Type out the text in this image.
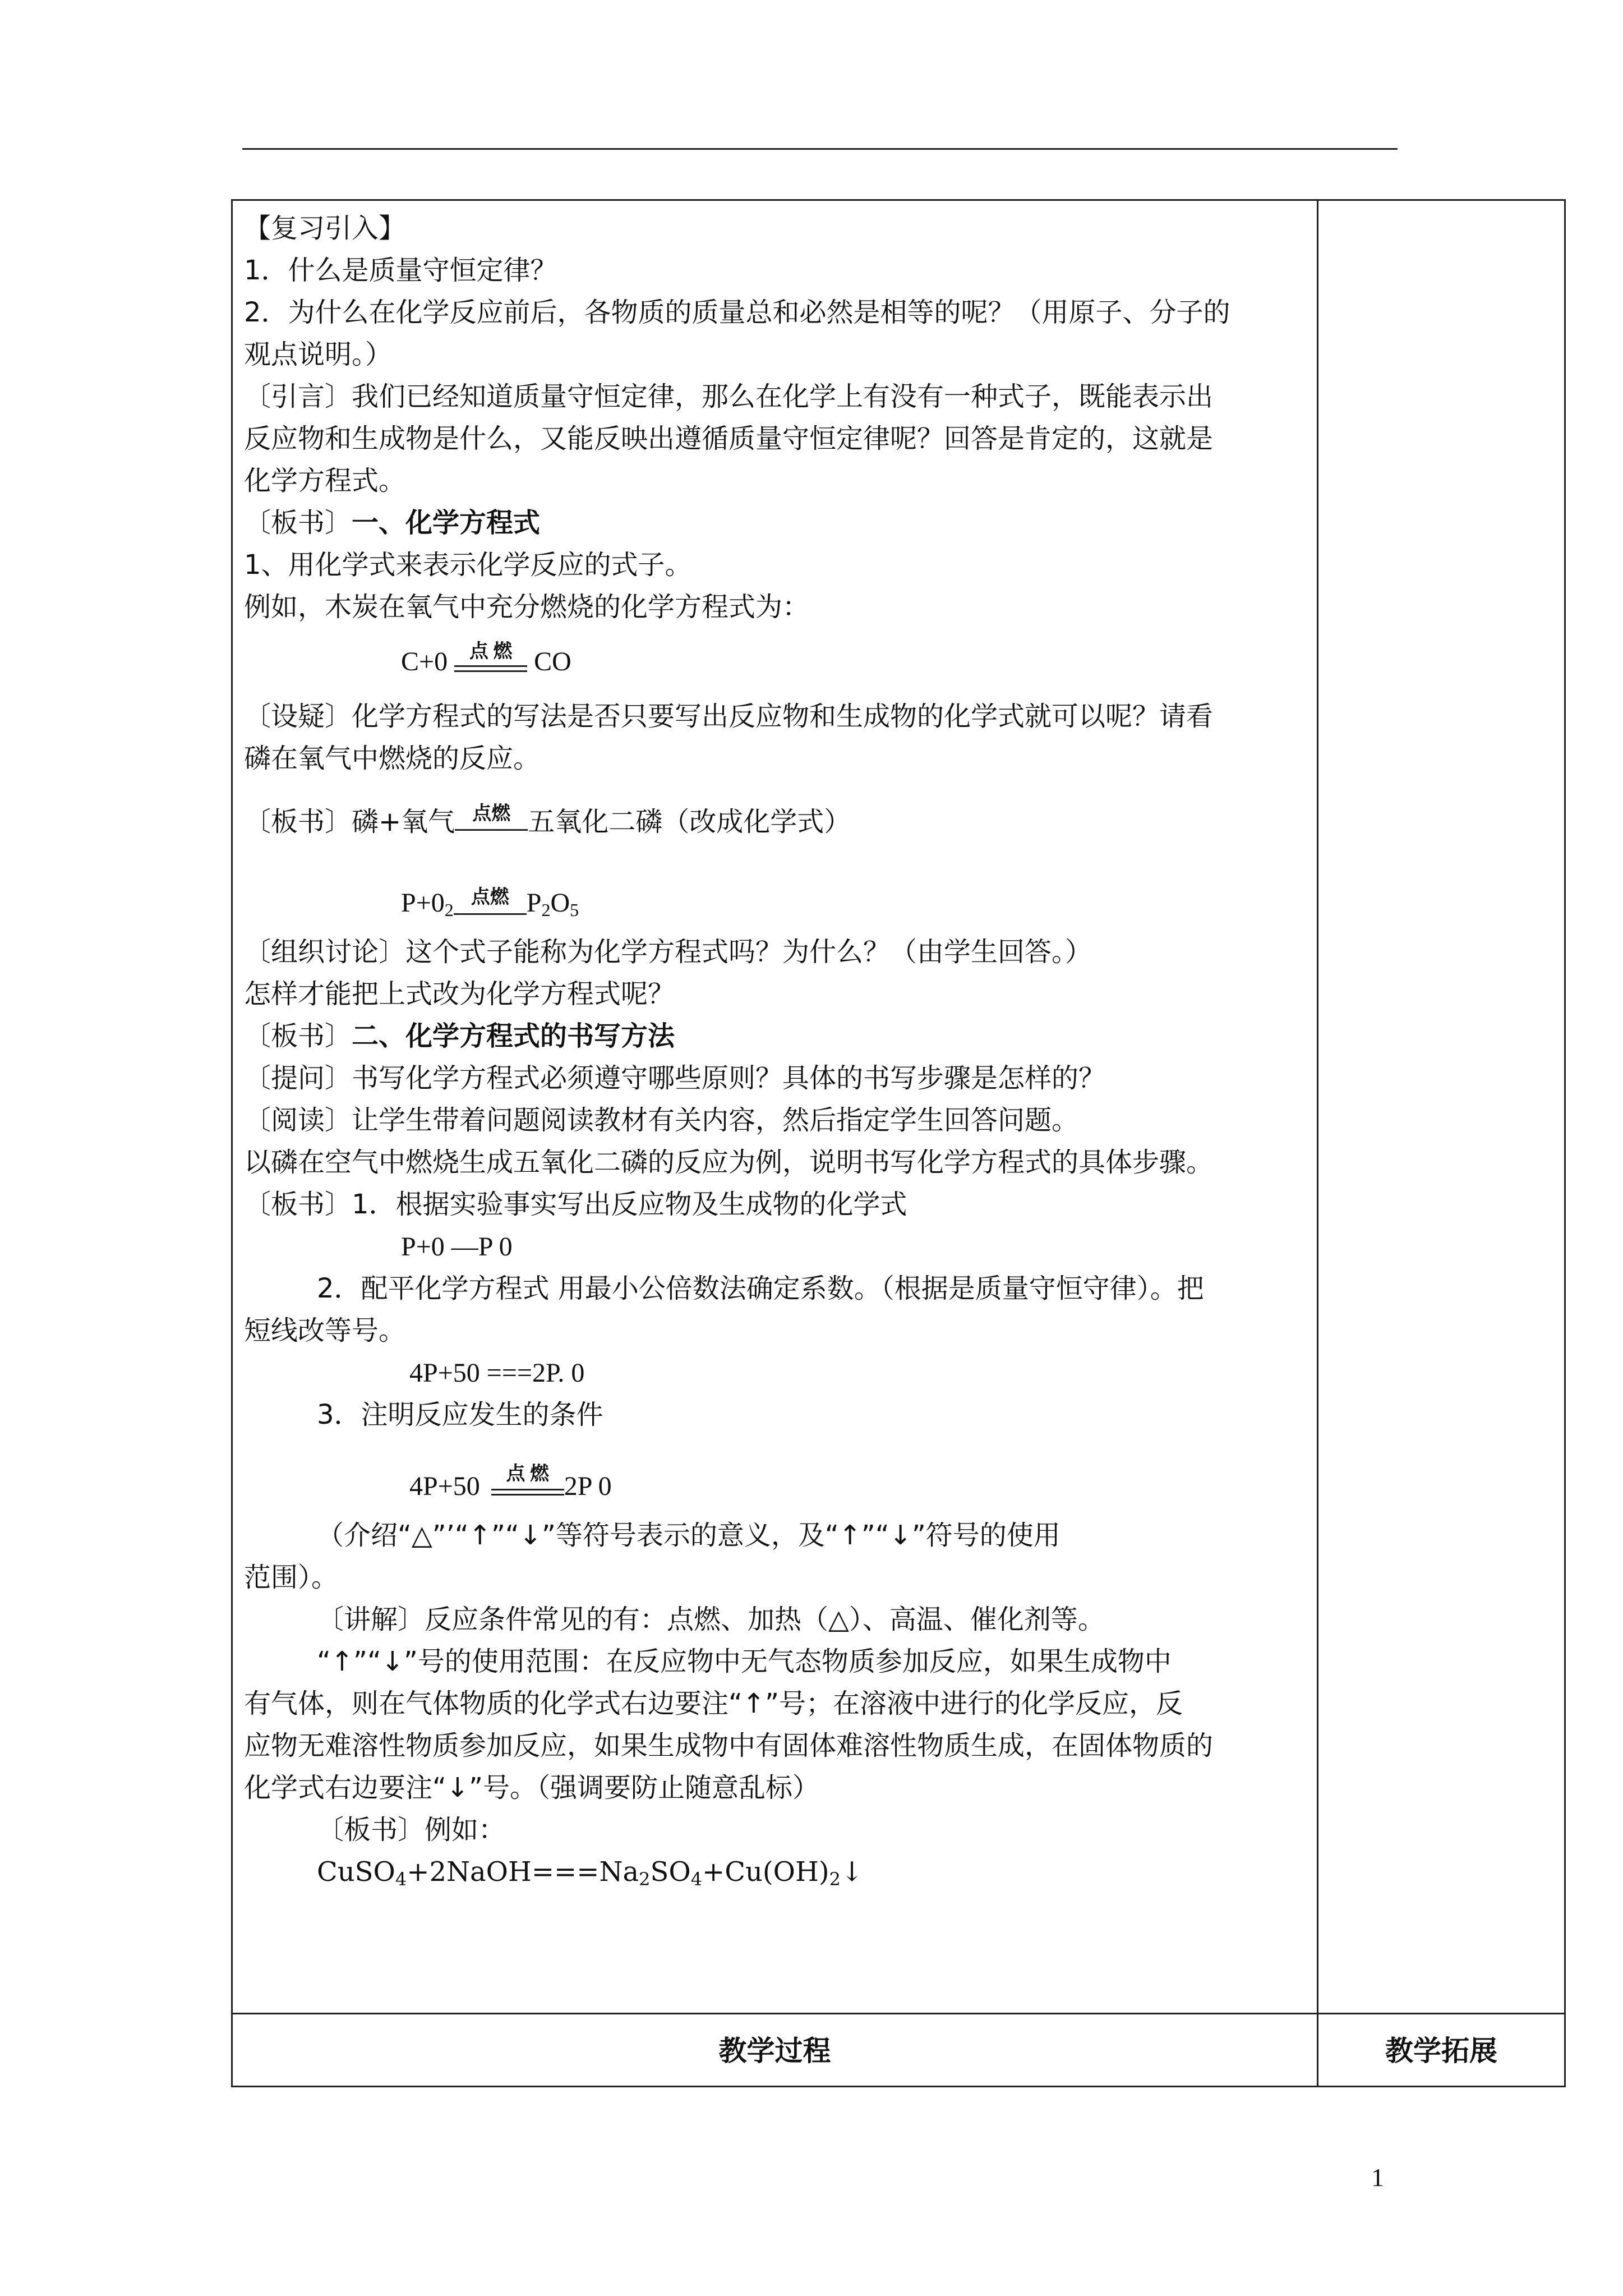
【复习引入】
1．什么是质量守恒定律？
2．为什么在化学反应前后，各物质的质量总和必然是相等的呢？（用原子、分子的
观点说明。）
〔引言〕我们已经知道质量守恒定律，那么在化学上有没有一种式子，既能表示出
反应物和生成物是什么，又能反映出遵循质量守恒定律呢？回答是肯定的，这就是
化学方程式。
〔板书〕一、化学方程式
1、用化学式来表示化学反应的式子。
例如，木炭在氧气中充分燃烧的化学方程式为：
C+0	点 燃 CO
〔设疑〕化学方程式的写法是否只要写出反应物和生成物的化学式就可以呢？请看
磷在氧气中燃烧的反应。
〔板书〕磷+氧气 点燃 五氧化二磷（改成化学式）
$P+0_2$
点燃 $P_2O_5$
〔组织讨论〕这个式子能称为化学方程式吗？为什么？（由学生回答。）
怎样才能把上式改为化学方程式呢？
〔板书〕二、化学方程式的书写方法
〔提问〕书写化学方程式必须遵守哪些原则？具体的书写步骤是怎样的？
〔阅读〕让学生带着问题阅读教材有关内容，然后指定学生回答问题。
以磷在空气中燃烧生成五氧化二磷的反应为例，说明书写化学方程式的具体步骤。
〔板书〕1．根据实验事实写出反应物及生成物的化学式
P+0 ―P 0
2．配平化学方程式 用最小公倍数法确定系数。（根据是质量守恒守律）。把
短线改等号。
4P+50 ===2P. 0
3．注明反应发生的条件
4P+50	点 燃 2P 0
（介绍“△”’“↑”“↓”等符号表示的意义，及“↑”“↓”符号的使用
范围）。
〔讲解〕反应条件常见的有：点燃、加热（△）、高温、催化剂等。
“↑”“↓”号的使用范围：在反应物中无气态物质参加反应，如果生成物中
有气体，则在气体物质的化学式右边要注“↑”号；在溶液中进行的化学反应，反
应物无难溶性物质参加反应，如果生成物中有固体难溶性物质生成，在固体物质的
化学式右边要注“↓”号。（强调要防止随意乱标）
〔板书〕例如：
$CuSO_4+2NaOH===Na_2SO_4+Cu(OH)_2↓$
教学过程	教学拓展
1
